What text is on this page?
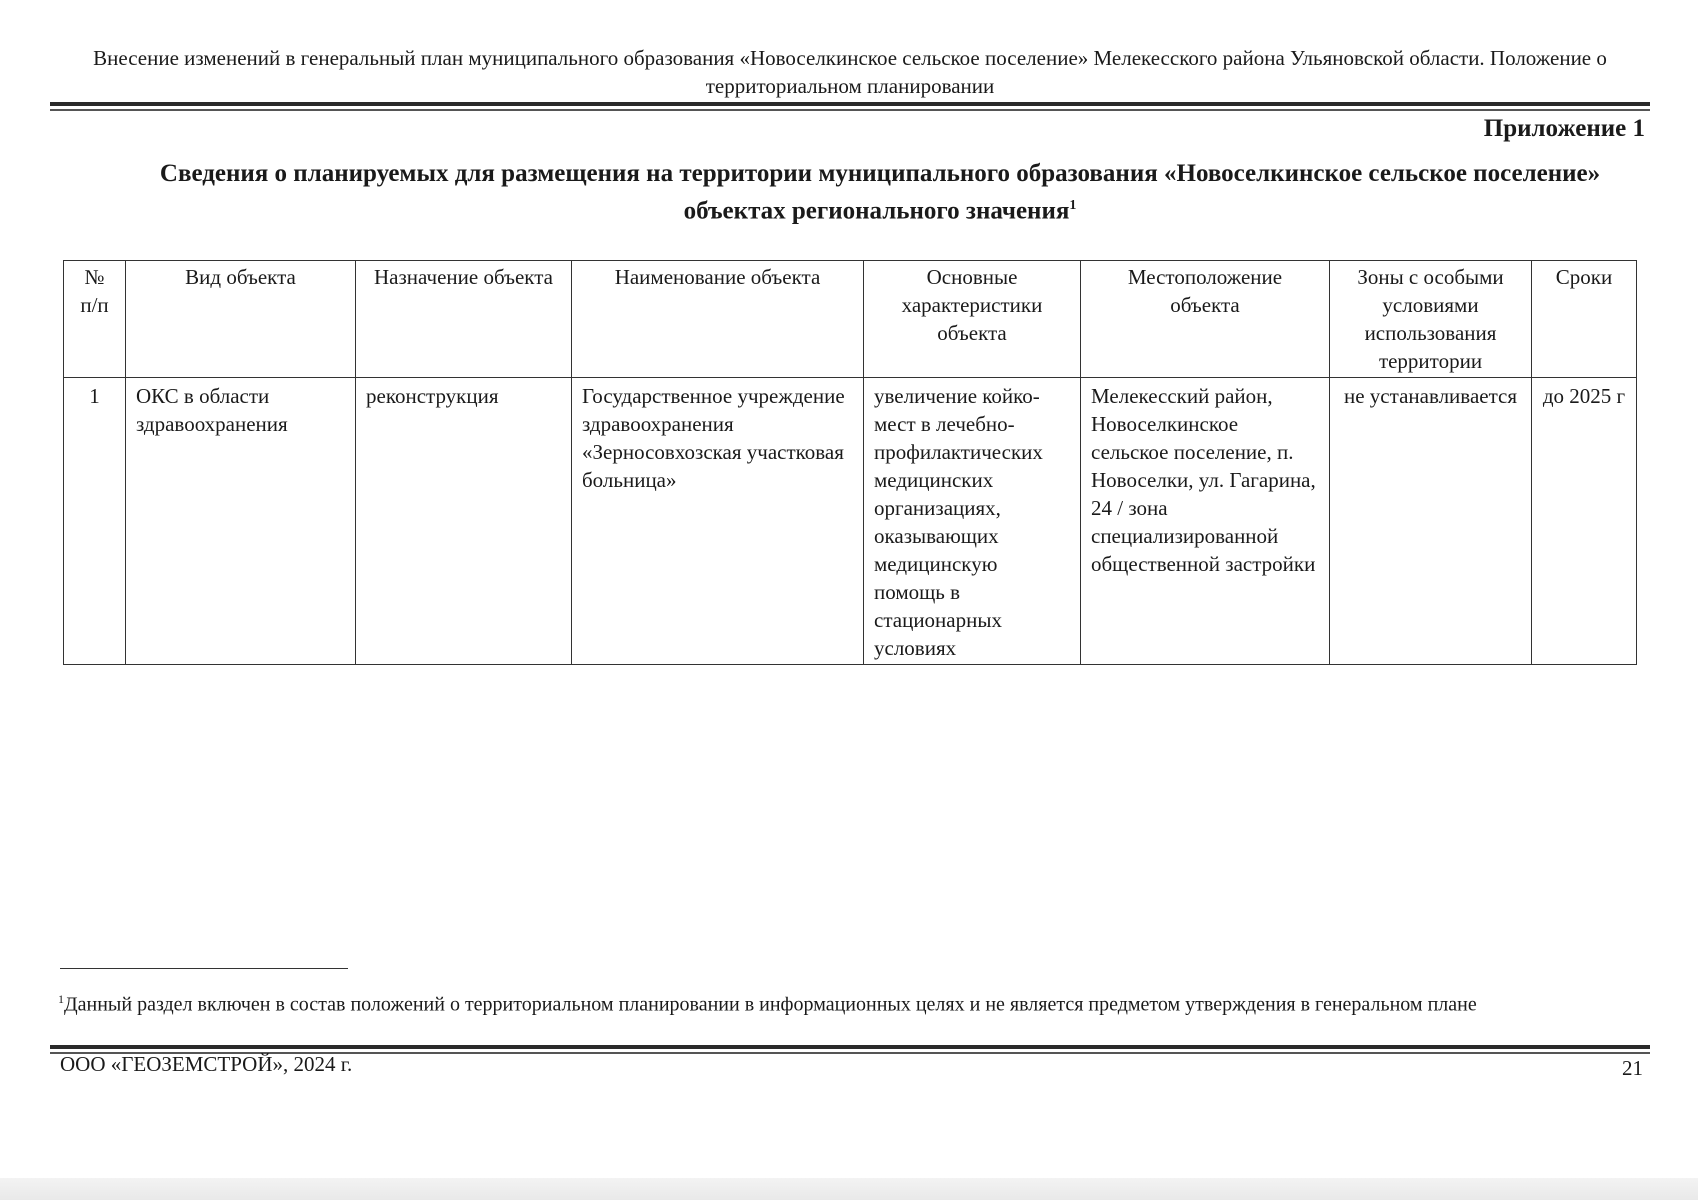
Внесение изменений в генеральный план муниципального образования «Новоселкинское сельское поселение» Мелекесского района Ульяновской области. Положение о территориальном планировании
Приложение 1
Сведения о планируемых для размещения на территории муниципального образования «Новоселкинское сельское поселение» объектах регионального значения$^1$
№ п/п	Вид объекта	Назначение объекта	Наименование объекта	Основные характеристики объекта	Местоположение объекта	Зоны с особыми условиями использования территории	Сроки
1	ОКС в области здравоохранения	реконструкция	Государственное учреждение здравоохранения «Зерносовхозская участковая больница»	увеличение койко-мест в лечебно-профилактических медицинских организациях, оказывающих медицинскую помощь в стационарных условиях	Мелекесский район, Новоселкинское сельское поселение, п. Новоселки, ул. Гагарина, 24 / зона специализированной общественной застройки	не устанавливается	до 2025 г
$^1$Данный раздел включен в состав положений о территориальном планировании в информационных целях и не является предметом утверждения в генеральном плане
ООО «ГЕОЗЕМСТРОЙ», 2024 г.	21
